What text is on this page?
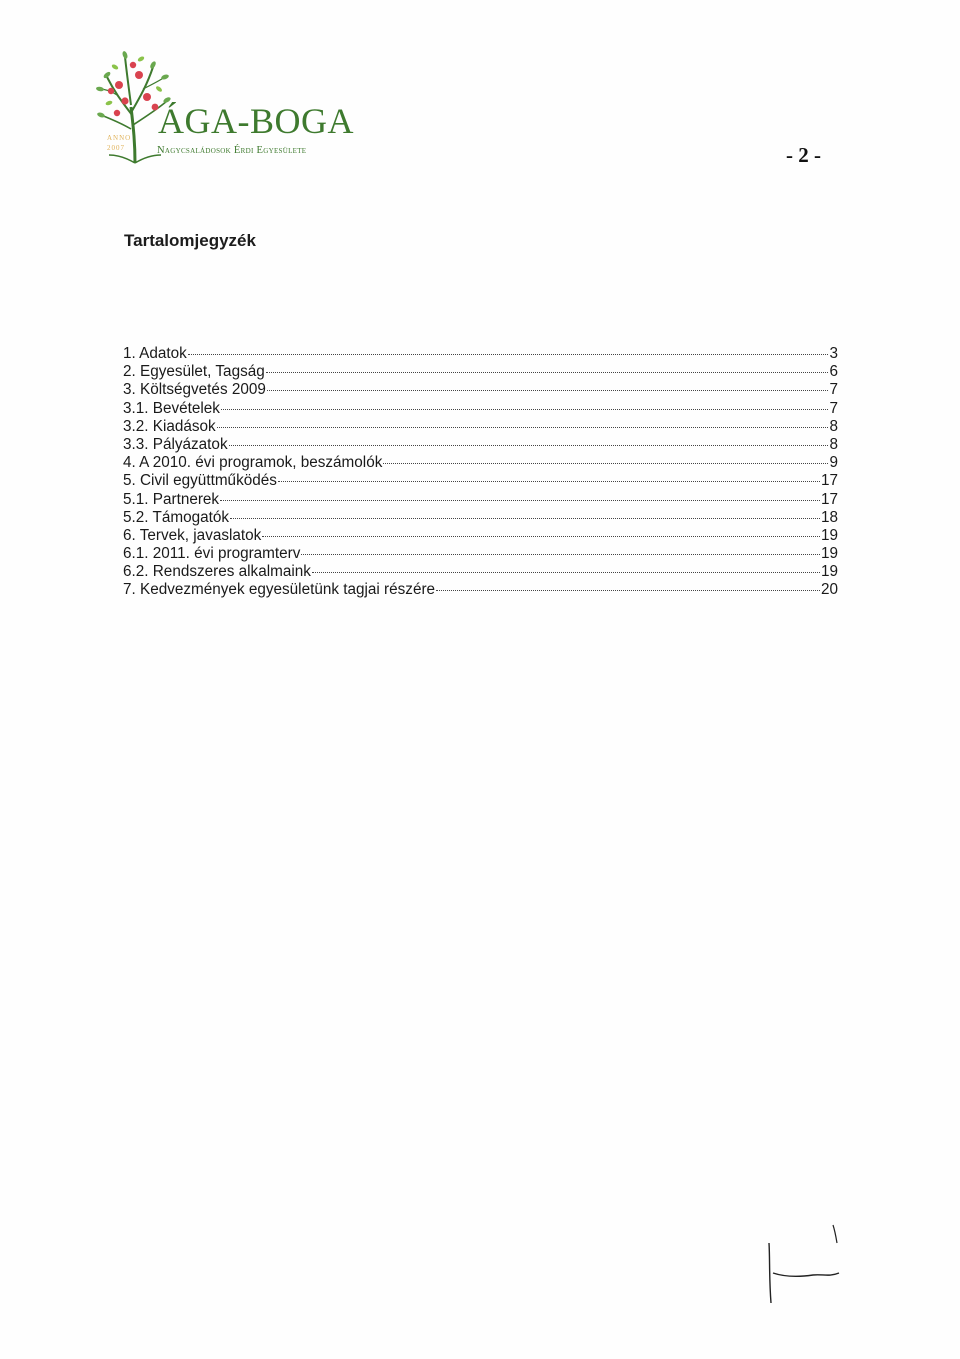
ANNO 2007
ÁGA-BOGA
Nagycsaládosok Érdi Egyesülete	- 2 -
Tartalomjegyzék
1. Adatok	3
2. Egyesület, Tagság	6
3. Költségvetés 2009	7
3.1. Bevételek	7
3.2. Kiadások	8
3.3. Pályázatok	8
4. A 2010. évi programok, beszámolók	9
5. Civil együttműködés	17
5.1. Partnerek	17
5.2. Támogatók	18
6. Tervek, javaslatok	19
6.1. 2011. évi programterv	19
6.2. Rendszeres alkalmaink	19
7. Kedvezmények egyesületünk tagjai részére	20
